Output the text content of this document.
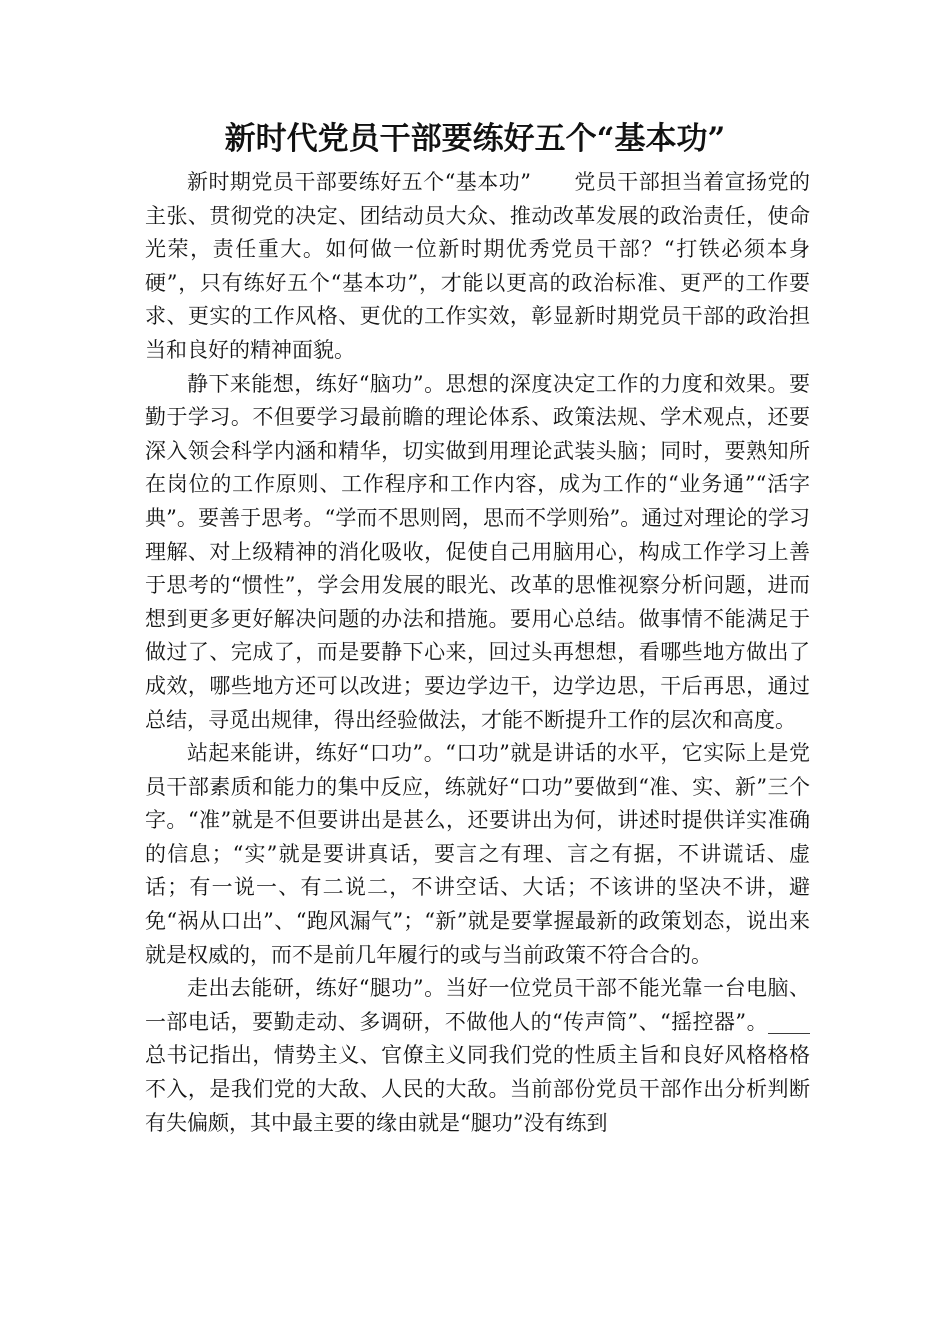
新时代党员干部要练好五个“基本功”

新时期党员干部要练好五个“基本功”　　党员干部担当着宣扬党的主张、贯彻党的决定、团结动员大众、推动改革发展的政治责任，使命光荣，责任重大。如何做一位新时期优秀党员干部？“打铁必须本身硬”，只有练好五个“基本功”，才能以更高的政治标准、更严的工作要求、更实的工作风格、更优的工作实效，彰显新时期党员干部的政治担当和良好的精神面貌。

静下来能想，练好“脑功”。思想的深度决定工作的力度和效果。要勤于学习。不但要学习最前瞻的理论体系、政策法规、学术观点，还要深入领会科学内涵和精华，切实做到用理论武装头脑；同时，要熟知所在岗位的工作原则、工作程序和工作内容，成为工作的“业务通”“活字典”。要善于思考。“学而不思则罔，思而不学则殆”。通过对理论的学习理解、对上级精神的消化吸收，促使自己用脑用心，构成工作学习上善于思考的“惯性”，学会用发展的眼光、改革的思惟视察分析问题，进而想到更多更好解决问题的办法和措施。要用心总结。做事情不能满足于做过了、完成了，而是要静下心来，回过头再想想，看哪些地方做出了成效，哪些地方还可以改进；要边学边干，边学边思，干后再思，通过总结，寻觅出规律，得出经验做法，才能不断提升工作的层次和高度。

站起来能讲，练好“口功”。“口功”就是讲话的水平，它实际上是党员干部素质和能力的集中反应，练就好“口功”要做到“准、实、新”三个字。“准”就是不但要讲出是甚么，还要讲出为何，讲述时提供详实准确的信息；“实”就是要讲真话，要言之有理、言之有据，不讲谎话、虚话；有一说一、有二说二，不讲空话、大话；不该讲的坚决不讲，避免“祸从口出”、“跑风漏气”；“新”就是要掌握最新的政策划态，说出来就是权威的，而不是前几年履行的或与当前政策不符合合的。

走出去能研，练好“腿功”。当好一位党员干部不能光靠一台电脑、一部电话，要勤走动、多调研，不做他人的“传声筒”、“摇控器”。____总书记指出，情势主义、官僚主义同我们党的性质主旨和良好风格格格不入，是我们党的大敌、人民的大敌。当前部份党员干部作出分析判断有失偏颇，其中最主要的缘由就是“腿功”没有练到
